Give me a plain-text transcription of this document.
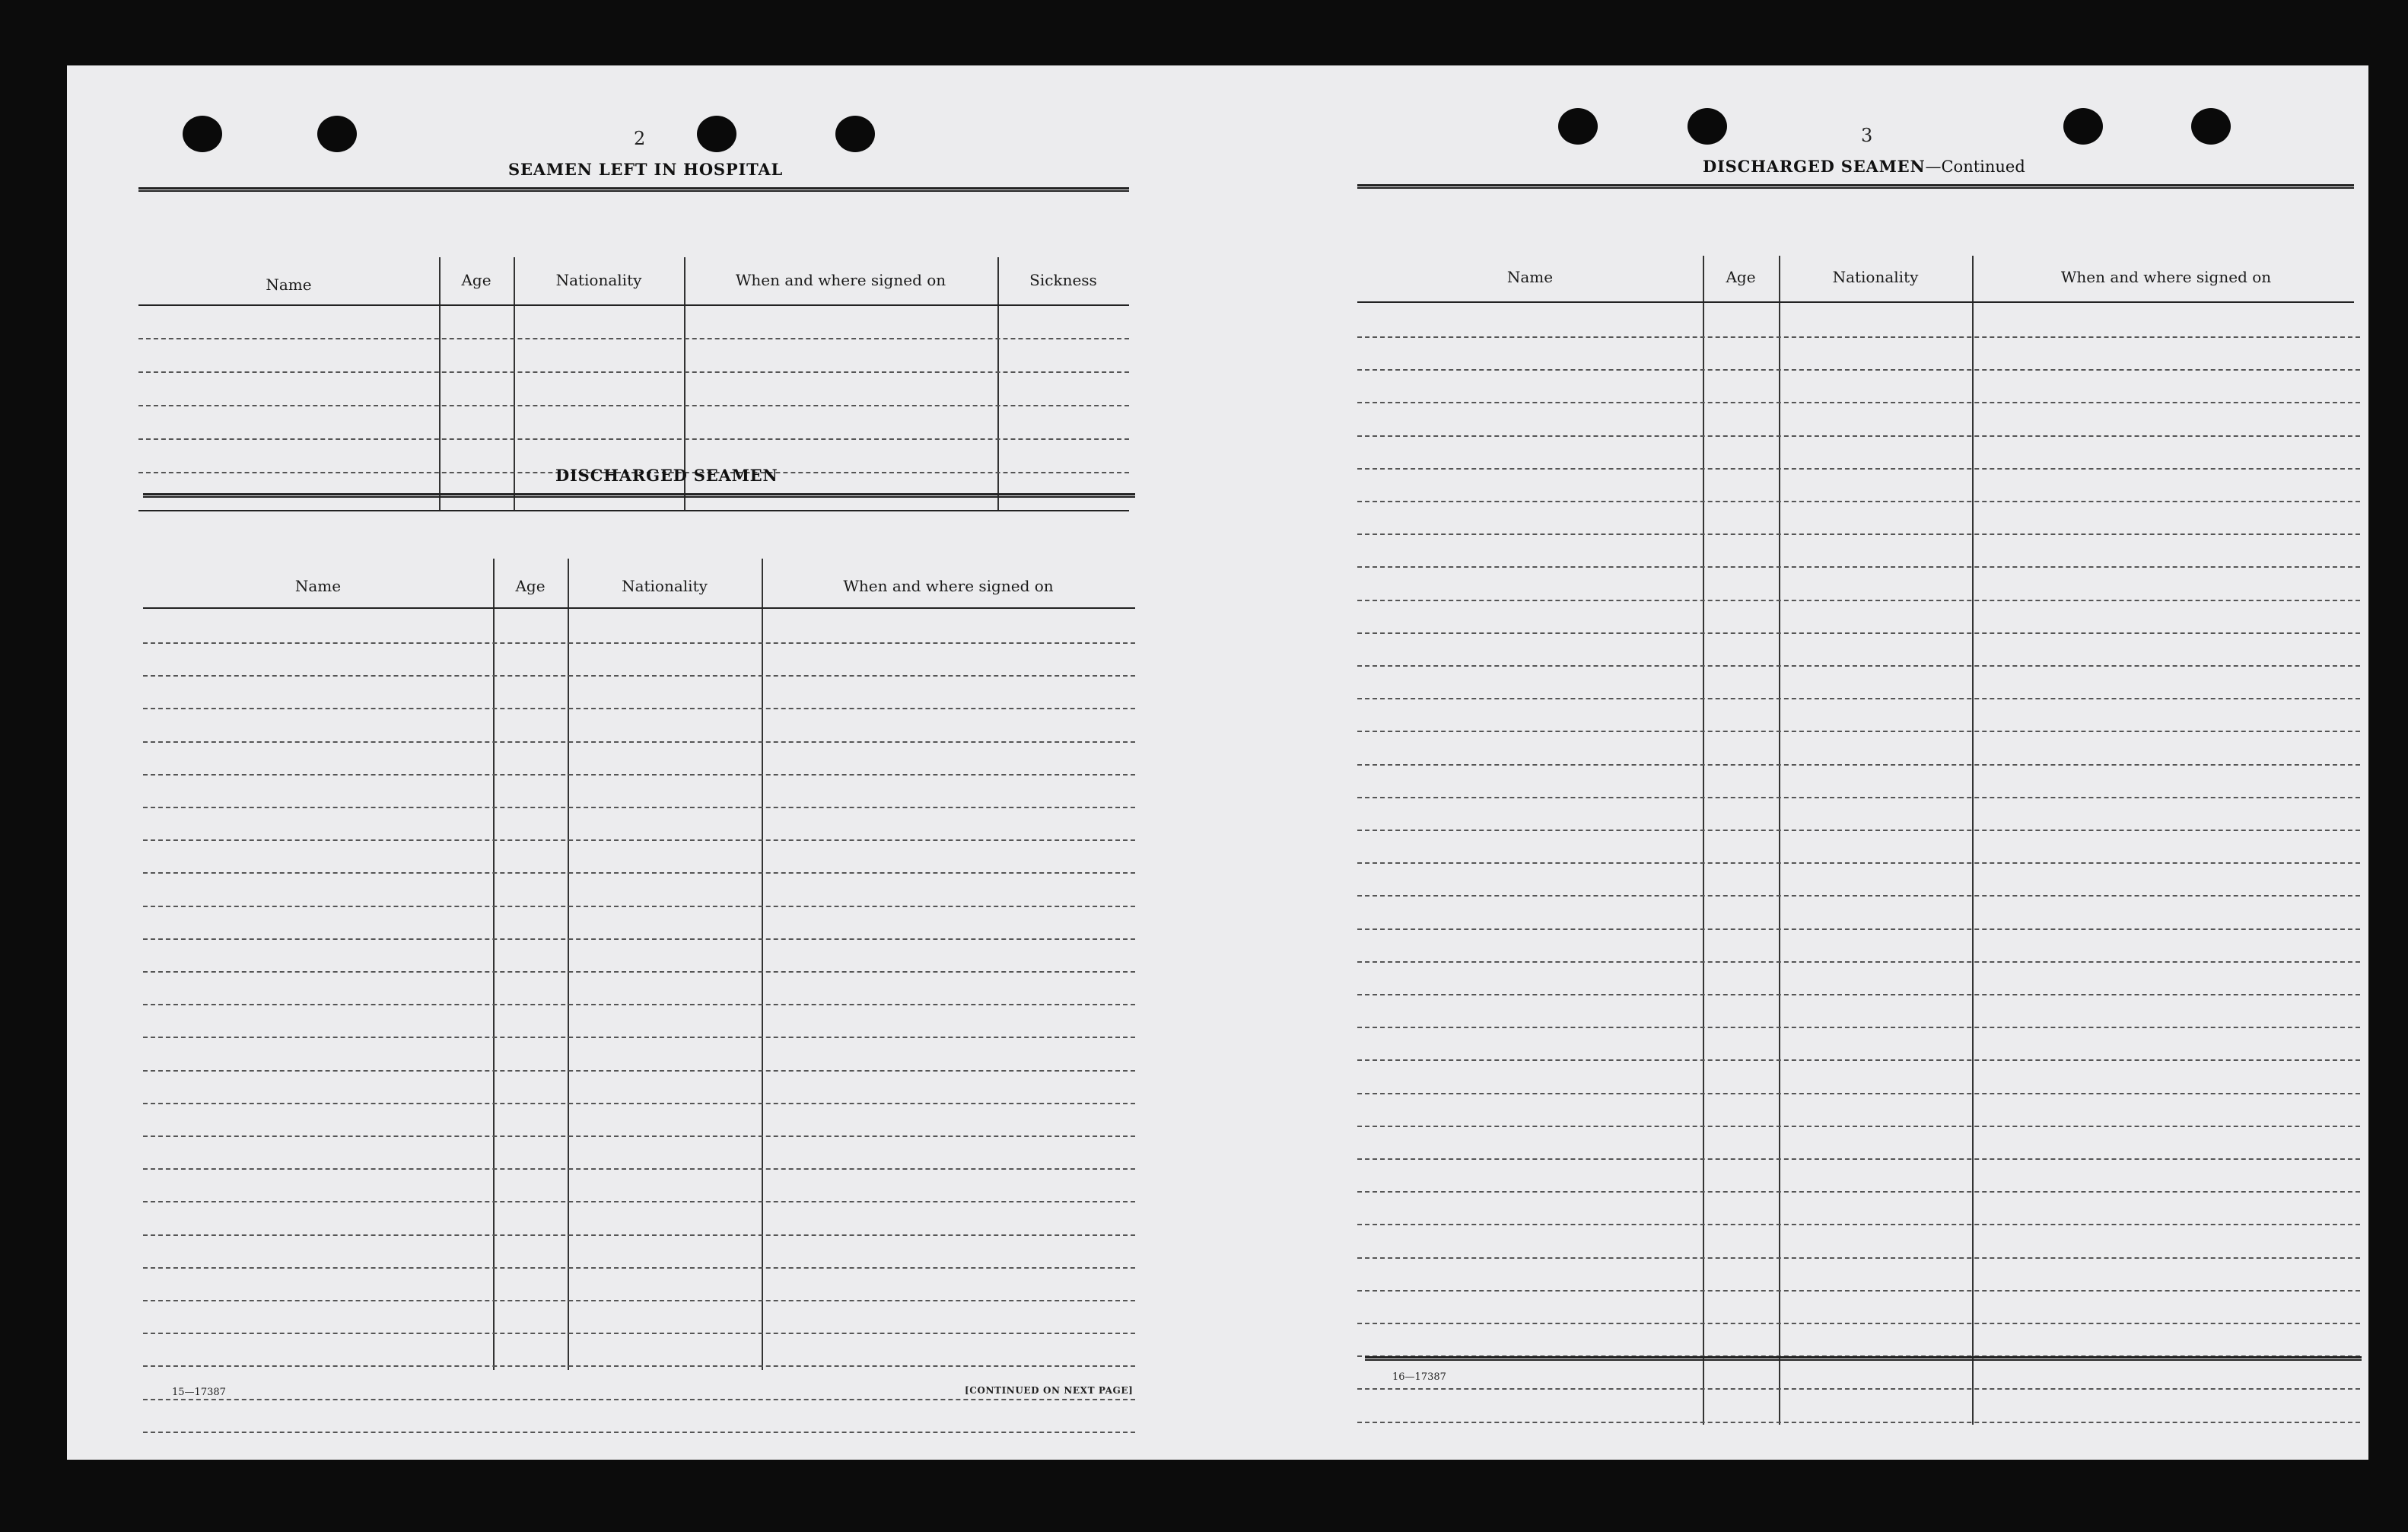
2
SEAMEN LEFT IN HOSPITAL
Name	Age	Nationality	When and where signed on	Sickness
DISCHARGED SEAMEN
Name	Age	Nationality	When and where signed on
15—17387	[CONTINUED ON NEXT PAGE]
3
DISCHARGED SEAMEN—Continued
Name	Age	Nationality	When and where signed on
16—17387
